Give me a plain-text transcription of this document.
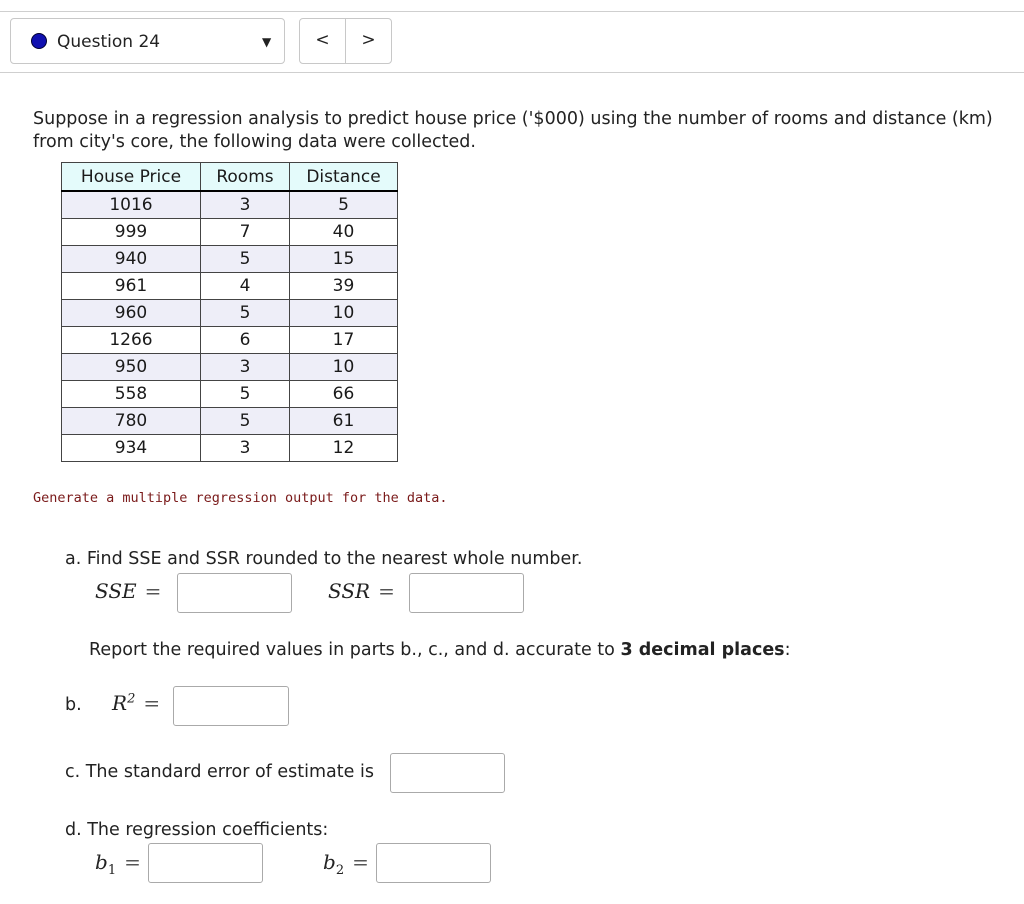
Question 24	▼	<	>
Suppose in a regression analysis to predict house price ('$000) using the number of rooms and distance (km) from city's core, the following data were collected.
House Price	Rooms	Distance
1016	3	5
999	7	40
940	5	15
961	4	39
960	5	10
1266	6	17
950	3	10
558	5	66
780	5	61
934	3	12
Generate a multiple regression output for the data.
a. Find SSE and SSR rounded to the nearest whole number.
SSE =	SSR =
Report the required values in parts b., c., and d. accurate to 3 decimal places:
b. $R^2$ =
c. The standard error of estimate is
d. The regression coefficients:
$b_1$ =	$b_2$ =
